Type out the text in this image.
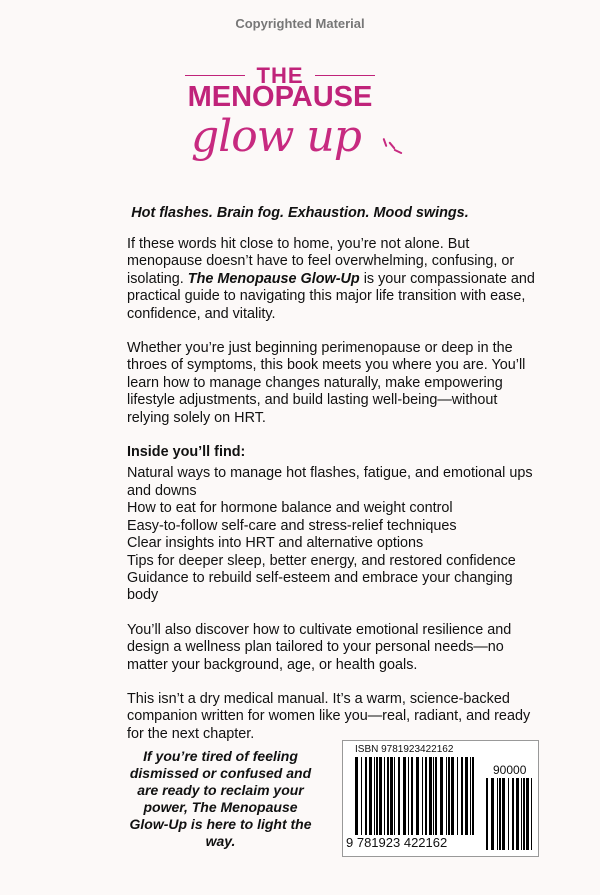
Copyrighted Material
THE
MENOPAUSE
glow up
Hot flashes. Brain fog. Exhaustion. Mood swings.

If these words hit close to home, you’re not alone. But menopause doesn’t have to feel overwhelming, confusing, or isolating. The Menopause Glow-Up is your compassionate and practical guide to navigating this major life transition with ease, confidence, and vitality.

Whether you’re just beginning perimenopause or deep in the throes of symptoms, this book meets you where you are. You’ll learn how to manage changes naturally, make empowering lifestyle adjustments, and build lasting well-being—without relying solely on HRT.

Inside you’ll find:
Natural ways to manage hot flashes, fatigue, and emotional ups and downs
How to eat for hormone balance and weight control
Easy-to-follow self-care and stress-relief techniques
Clear insights into HRT and alternative options
Tips for deeper sleep, better energy, and restored confidence
Guidance to rebuild self-esteem and embrace your changing body

You’ll also discover how to cultivate emotional resilience and design a wellness plan tailored to your personal needs—no matter your background, age, or health goals.

This isn’t a dry medical manual. It’s a warm, science-backed companion written for women like you—real, radiant, and ready for the next chapter.

If you’re tired of feeling dismissed or confused and are ready to reclaim your power, The Menopause Glow-Up is here to light the way.
ISBN 9781923422162
90000
9 781923 422162
